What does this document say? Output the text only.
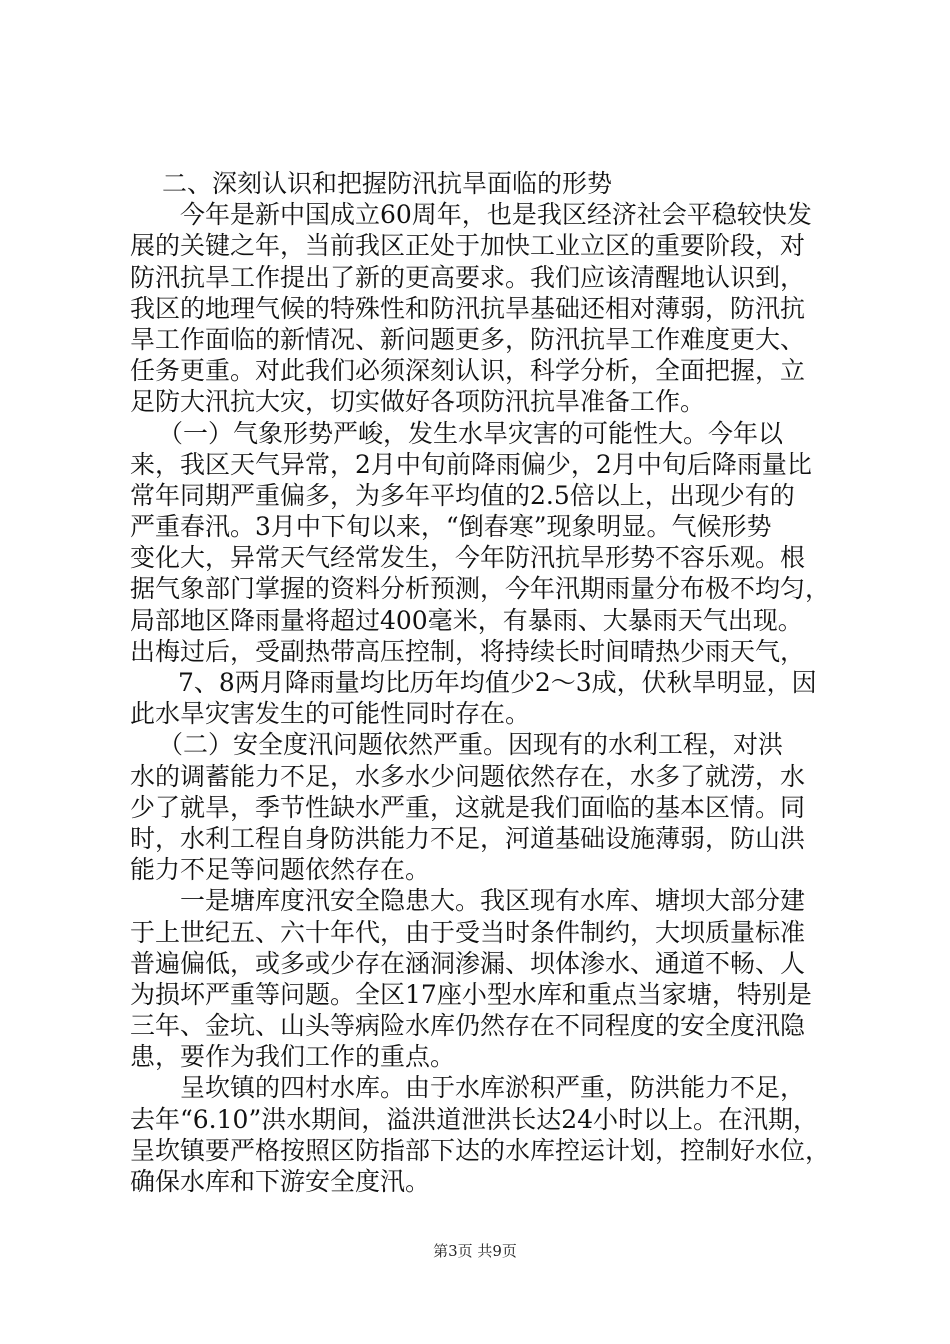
二、深刻认识和把握防汛抗旱面临的形势
今年是新中国成立60周年，也是我区经济社会平稳较快发
展的关键之年，当前我区正处于加快工业立区的重要阶段，对
防汛抗旱工作提出了新的更高要求。我们应该清醒地认识到，
我区的地理气候的特殊性和防汛抗旱基础还相对薄弱，防汛抗
旱工作面临的新情况、新问题更多，防汛抗旱工作难度更大、
任务更重。对此我们必须深刻认识，科学分析，全面把握，立
足防大汛抗大灾，切实做好各项防汛抗旱准备工作。
（一）气象形势严峻，发生水旱灾害的可能性大。今年以
来，我区天气异常，2月中旬前降雨偏少，2月中旬后降雨量比
常年同期严重偏多，为多年平均值的2.5倍以上，出现少有的
严重春汛。3月中下旬以来，“倒春寒”现象明显。气候形势
变化大，异常天气经常发生，今年防汛抗旱形势不容乐观。根
据气象部门掌握的资料分析预测，今年汛期雨量分布极不均匀，
局部地区降雨量将超过400毫米，有暴雨、大暴雨天气出现。
出梅过后，受副热带高压控制，将持续长时间晴热少雨天气，
7、8两月降雨量均比历年均值少2～3成，伏秋旱明显，因
此水旱灾害发生的可能性同时存在。
（二）安全度汛问题依然严重。因现有的水利工程，对洪
水的调蓄能力不足，水多水少问题依然存在，水多了就涝，水
少了就旱，季节性缺水严重，这就是我们面临的基本区情。同
时，水利工程自身防洪能力不足，河道基础设施薄弱，防山洪
能力不足等问题依然存在。
一是塘库度汛安全隐患大。我区现有水库、塘坝大部分建
于上世纪五、六十年代，由于受当时条件制约，大坝质量标准
普遍偏低，或多或少存在涵洞渗漏、坝体渗水、通道不畅、人
为损坏严重等问题。全区17座小型水库和重点当家塘，特别是
三年、金坑、山头等病险水库仍然存在不同程度的安全度汛隐
患，要作为我们工作的重点。
呈坎镇的四村水库。由于水库淤积严重，防洪能力不足，
去年“6.10”洪水期间，溢洪道泄洪长达24小时以上。在汛期，
呈坎镇要严格按照区防指部下达的水库控运计划，控制好水位，
确保水库和下游安全度汛。
第3页 共9页
